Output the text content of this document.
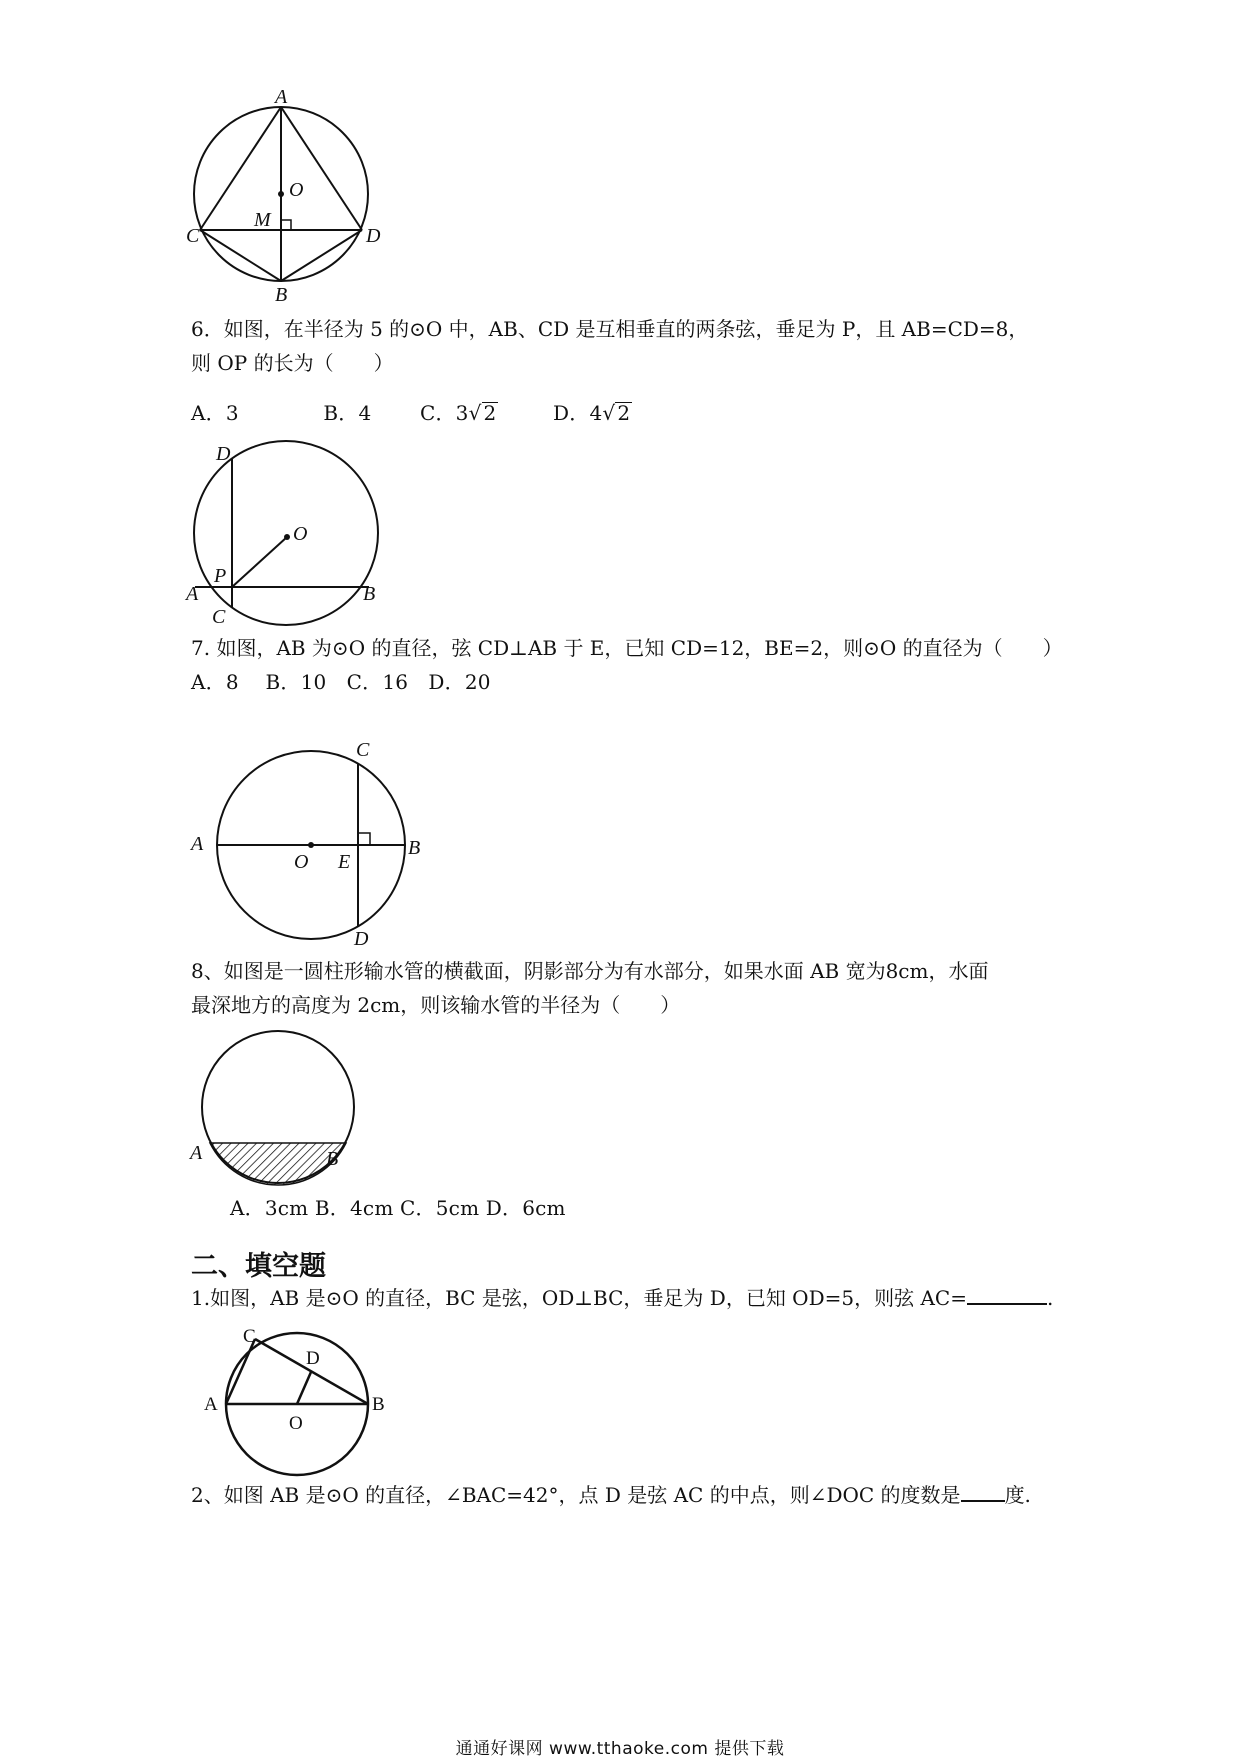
A
O
M
C	D
B
6．如图，在半径为 5 的⊙O 中，AB、CD 是互相垂直的两条弦，垂足为 P，且 AB=CD=8，
则 OP 的长为（　　）
A．3	B．4 C．3√ 2	D．4√ 2
D
O
A
P
B
C
7. 如图，AB 为⊙O 的直径，弦 CD⊥AB 于 E，已知 CD=12，BE=2，则⊙O 的直径为（　　）
A．8　 B．10　C．16　D．20
C
A
O E
B
D
8、如图是一圆柱形输水管的横截面，阴影部分为有水部分，如果水面 AB 宽为8cm，水面
最深地方的高度为 2cm，则该输水管的半径为（　　）
A	B
A．3cm B．4cm C．5cm D．6cm
二、填空题
1.如图，AB 是⊙O 的直径，BC 是弦，OD⊥BC，垂足为 D，已知 OD=5，则弦 AC=	.
C
D
A
O
B
2、如图 AB 是⊙O 的直径，∠BAC=42°，点 D 是弦 AC 的中点，则∠DOC 的度数是 度.
通通好课网 www.tthaoke.com 提供下载
